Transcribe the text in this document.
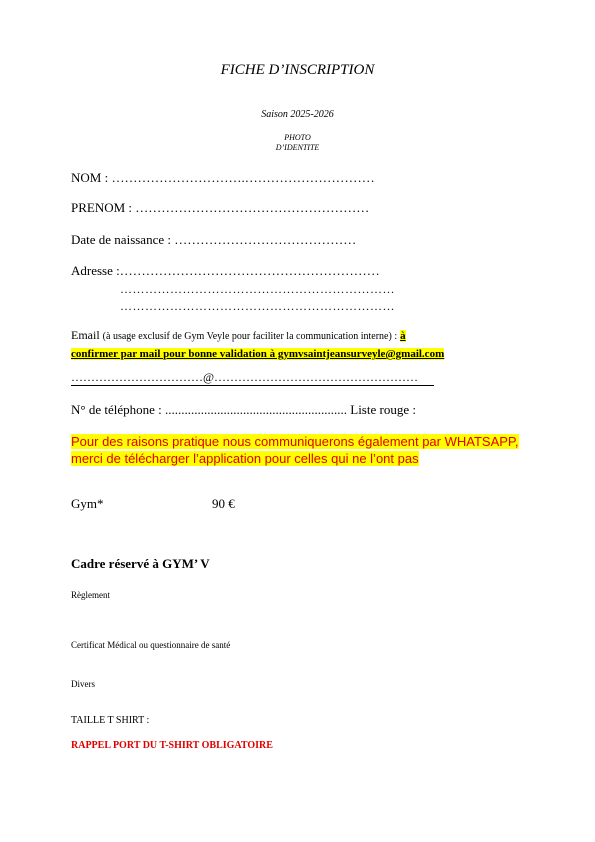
FICHE D’INSCRIPTION
Saison 2025-2026
PHOTO
D’IDENTITE
NOM : ………………………….…………………………
PRENOM : ………………………………………………
Date de naissance : ……………………………………
Adresse :……………………………………………………
…………………………………………………………
…………………………………………………………
Email (à usage exclusif de Gym Veyle pour faciliter la communication interne) : à
confirmer par mail pour bonne validation à gymvsaintjeansurveyle@gmail.com
……………………………@……………………………………………
N° de téléphone : ........................................................ Liste rouge :
Pour des raisons pratique nous communiquerons également par WHATSAPP,
merci de télécharger l’application pour celles qui ne l’ont pas
Gym*	90 €
Cadre réservé à GYM’ V
Règlement
Certificat Médical ou questionnaire de santé
Divers
TAILLE T SHIRT :
RAPPEL PORT DU T-SHIRT OBLIGATOIRE
